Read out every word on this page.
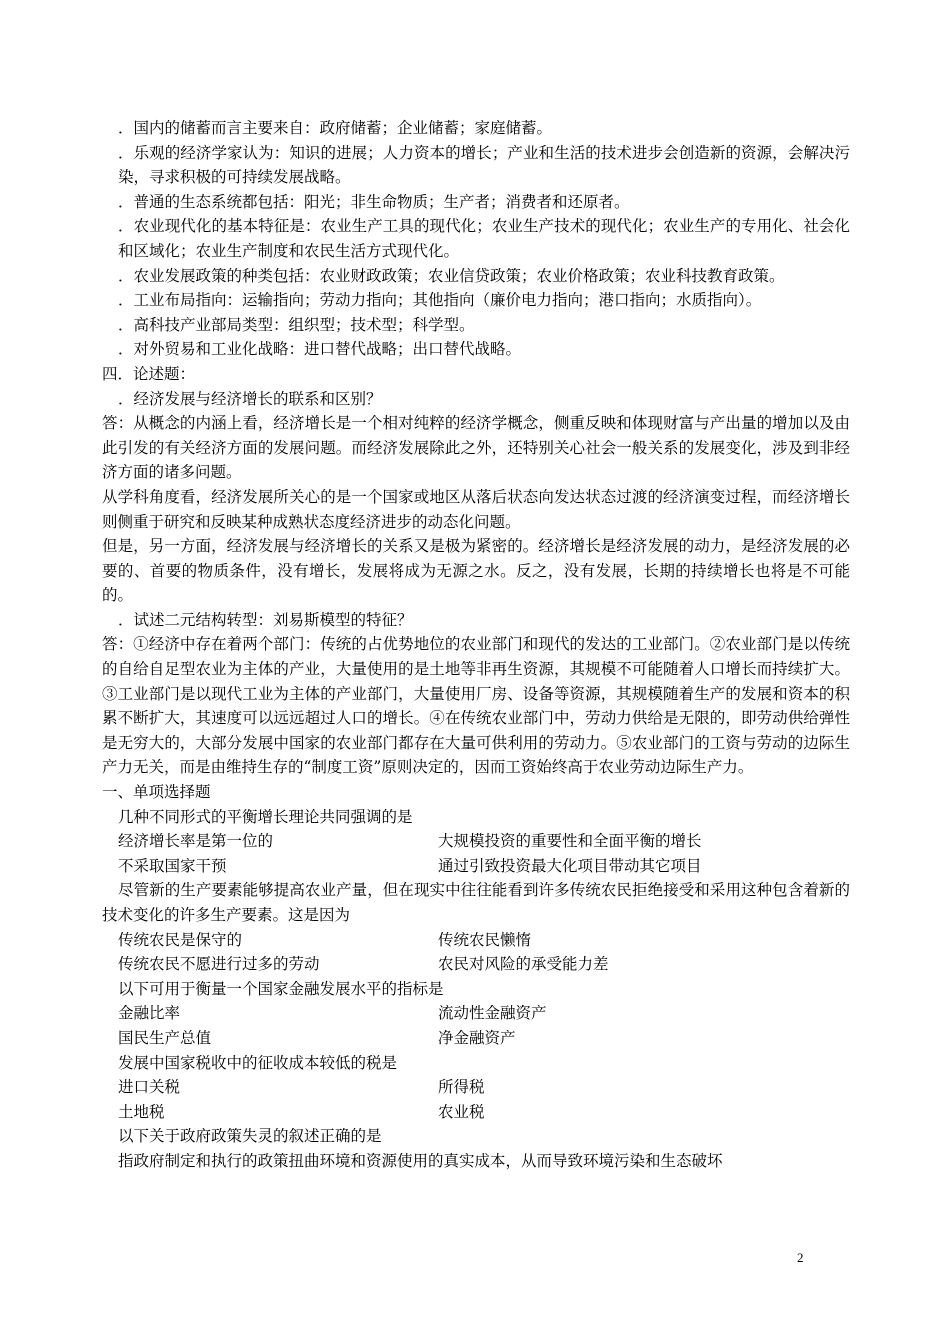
．国内的储蓄而言主要来自：政府储蓄；企业储蓄；家庭储蓄。
．乐观的经济学家认为：知识的进展；人力资本的增长；产业和生活的技术进步会创造新的资源，会解决污染，寻求积极的可持续发展战略。
．普通的生态系统都包括：阳光；非生命物质；生产者；消费者和还原者。
．农业现代化的基本特征是：农业生产工具的现代化；农业生产技术的现代化；农业生产的专用化、社会化和区域化；农业生产制度和农民生活方式现代化。
．农业发展政策的种类包括：农业财政政策；农业信贷政策；农业价格政策；农业科技教育政策。
．工业布局指向：运输指向；劳动力指向；其他指向（廉价电力指向；港口指向；水质指向）。
．高科技产业部局类型：组织型；技术型；科学型。
．对外贸易和工业化战略：进口替代战略；出口替代战略。
四．论述题：
．经济发展与经济增长的联系和区别？
答：从概念的内涵上看，经济增长是一个相对纯粹的经济学概念，侧重反映和体现财富与产出量的增加以及由此引发的有关经济方面的发展问题。而经济发展除此之外，还特别关心社会一般关系的发展变化，涉及到非经济方面的诸多问题。
从学科角度看，经济发展所关心的是一个国家或地区从落后状态向发达状态过渡的经济演变过程，而经济增长则侧重于研究和反映某种成熟状态度经济进步的动态化问题。
但是，另一方面，经济发展与经济增长的关系又是极为紧密的。经济增长是经济发展的动力，是经济发展的必要的、首要的物质条件，没有增长，发展将成为无源之水。反之，没有发展，长期的持续增长也将是不可能的。
．试述二元结构转型：刘易斯模型的特征？
答：①经济中存在着两个部门：传统的占优势地位的农业部门和现代的发达的工业部门。②农业部门是以传统的自给自足型农业为主体的产业，大量使用的是土地等非再生资源，其规模不可能随着人口增长而持续扩大。③工业部门是以现代工业为主体的产业部门，大量使用厂房、设备等资源，其规模随着生产的发展和资本的积累不断扩大，其速度可以远远超过人口的增长。④在传统农业部门中，劳动力供给是无限的，即劳动供给弹性是无穷大的，大部分发展中国家的农业部门都存在大量可供利用的劳动力。⑤农业部门的工资与劳动的边际生产力无关，而是由维持生存的“制度工资”原则决定的，因而工资始终高于农业劳动边际生产力。
一、单项选择题
几种不同形式的平衡增长理论共同强调的是
经济增长率是第一位的	大规模投资的重要性和全面平衡的增长
不采取国家干预	通过引致投资最大化项目带动其它项目
尽管新的生产要素能够提高农业产量，但在现实中往往能看到许多传统农民拒绝接受和采用这种包含着新的技术变化的许多生产要素。这是因为
传统农民是保守的	传统农民懒惰
传统农民不愿进行过多的劳动	农民对风险的承受能力差
以下可用于衡量一个国家金融发展水平的指标是
金融比率	流动性金融资产
国民生产总值	净金融资产
发展中国家税收中的征收成本较低的税是
进口关税	所得税
土地税	农业税
以下关于政府政策失灵的叙述正确的是
指政府制定和执行的政策扭曲环境和资源使用的真实成本，从而导致环境污染和生态破坏
2
